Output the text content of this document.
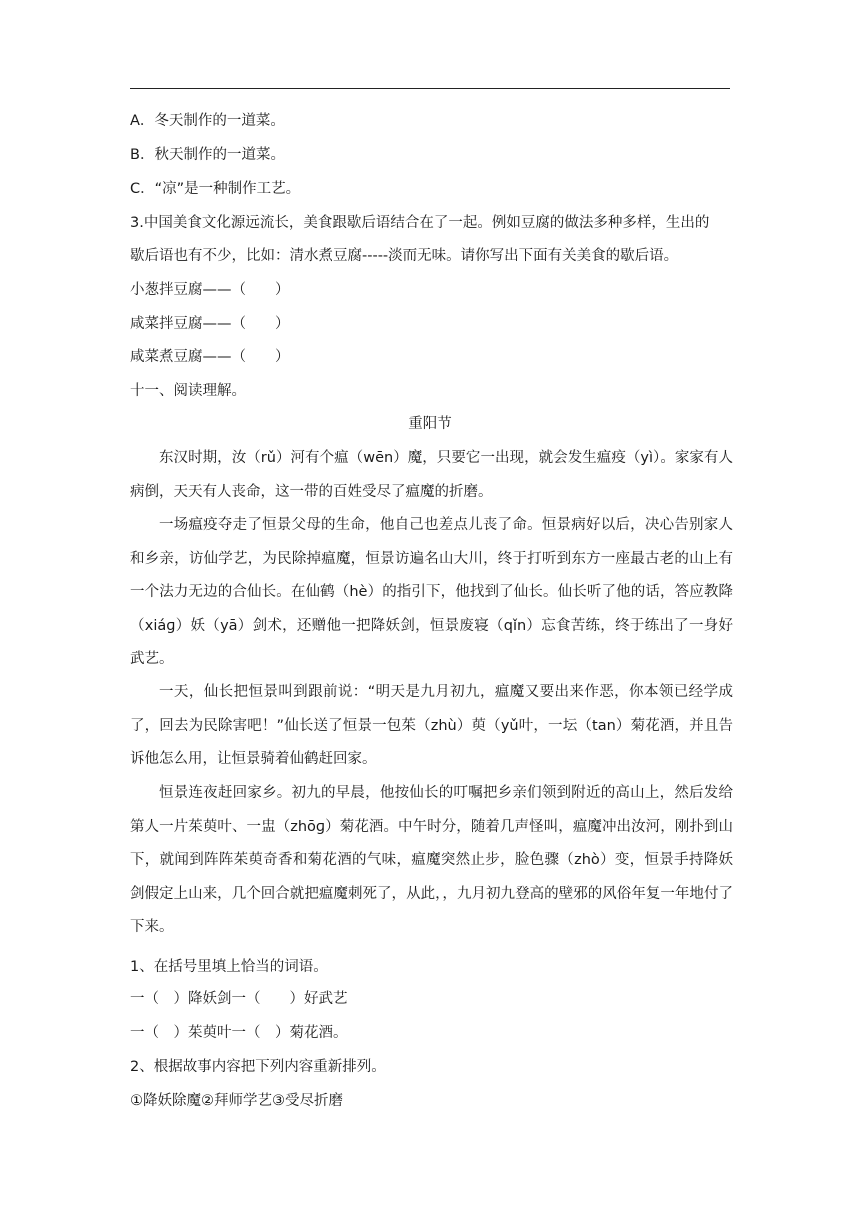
A．冬天制作的一道菜。
B．秋天制作的一道菜。
C．“凉”是一种制作工艺。
3.中国美食文化源远流长，美食跟歇后语结合在了一起。例如豆腐的做法多种多样，生出的
歇后语也有不少，比如：清水煮豆腐-----淡而无味。请你写出下面有关美食的歇后语。
小葱拌豆腐——（　　）
咸菜拌豆腐——（　　）
咸菜煮豆腐——（　　）
十一、阅读理解。
重阳节
东汉时期，汝（rǔ）河有个瘟（wēn）魔，只要它一出现，就会发生瘟疫（yì）。家家有人病倒，天天有人丧命，这一带的百姓受尽了瘟魔的折磨。
一场瘟疫夺走了恒景父母的生命，他自己也差点儿丧了命。恒景病好以后，决心告别家人和乡亲，访仙学艺，为民除掉瘟魔，恒景访遍名山大川，终于打听到东方一座最古老的山上有一个法力无边的合仙长。在仙鹤（hè）的指引下，他找到了仙长。仙长听了他的话，答应教降（xiáɡ）妖（yā）剑术，还赠他一把降妖剑，恒景废寝（qǐn）忘食苦练，终于练出了一身好武艺。
一天，仙长把恒景叫到跟前说：“明天是九月初九，瘟魔又要出来作恶，你本领已经学成了，回去为民除害吧！”仙长送了恒景一包茱（zhù）萸（yǔ叶，一坛（tan）菊花酒，并且告诉他怎么用，让恒景骑着仙鹤赶回家。
恒景连夜赶回家乡。初九的早晨，他按仙长的叮嘱把乡亲们领到附近的高山上，然后发给第人一片茱萸叶、一盅（zhōɡ）菊花酒。中午时分，随着几声怪叫，瘟魔冲出汝河，刚扑到山下，就闻到阵阵茱萸奇香和菊花酒的气味，瘟魔突然止步，脸色骤（zhò）变，恒景手持降妖剑假定上山来，几个回合就把瘟魔刺死了，从此，，九月初九登高的壁邪的风俗年复一年地付了下来。
1、在括号里填上恰当的词语。
一（　）降妖剑一（　　）好武艺
一（　）茱萸叶一（　）菊花酒。
2、根据故事内容把下列内容重新排列。
①降妖除魔②拜师学艺③受尽折磨
